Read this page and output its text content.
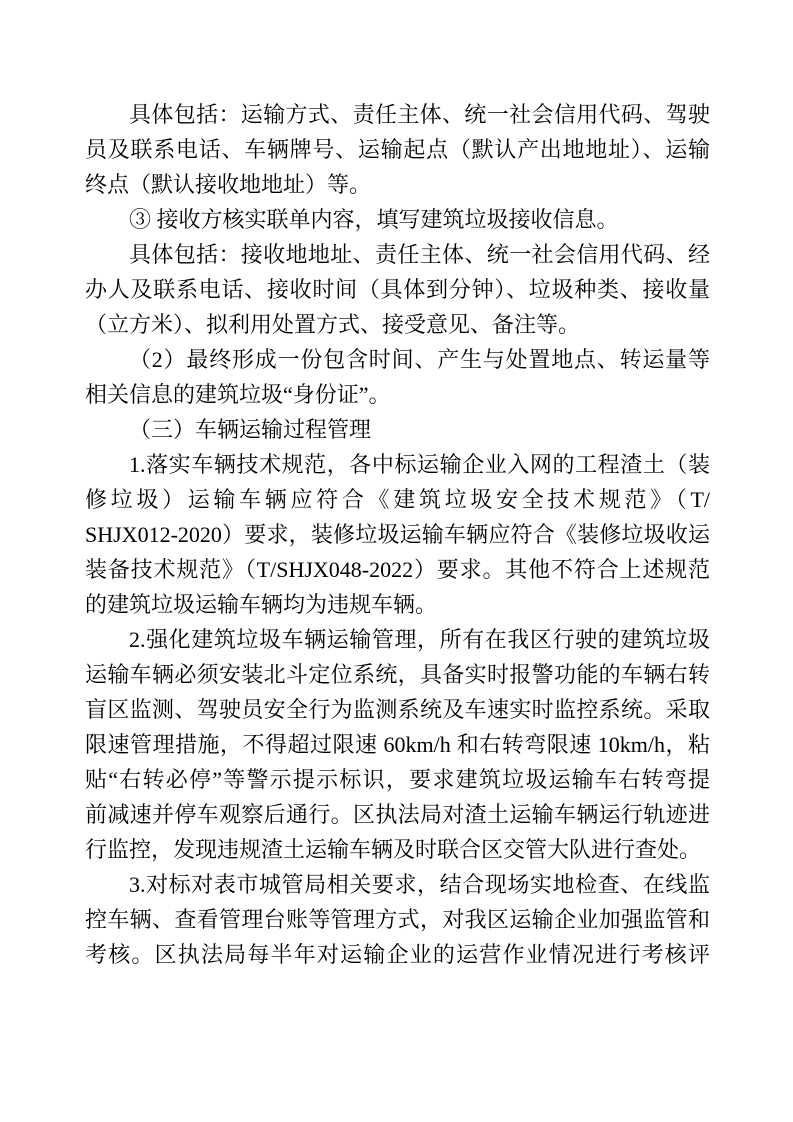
具体包括：运输方式、责任主体、统一社会信用代码、驾驶
员及联系电话、车辆牌号、运输起点（默认产出地地址）、运输
终点（默认接收地地址）等。
③ 接收方核实联单内容，填写建筑垃圾接收信息。
具体包括：接收地地址、责任主体、统一社会信用代码、经
办人及联系电话、接收时间（具体到分钟）、垃圾种类、接收量
（立方米）、拟利用处置方式、接受意见、备注等。
（2）最终形成一份包含时间、产生与处置地点、转运量等
相关信息的建筑垃圾“身份证”。
（三）车辆运输过程管理
1.落实车辆技术规范，各中标运输企业入网的工程渣土（装
修垃圾）运输车辆应符合《建筑垃圾安全技术规范》（T/
SHJX012-2020）要求，装修垃圾运输车辆应符合《装修垃圾收运
装备技术规范》（T/SHJX048-2022）要求。其他不符合上述规范
的建筑垃圾运输车辆均为违规车辆。
2.强化建筑垃圾车辆运输管理，所有在我区行驶的建筑垃圾
运输车辆必须安装北斗定位系统，具备实时报警功能的车辆右转
盲区监测、驾驶员安全行为监测系统及车速实时监控系统。采取
限速管理措施，不得超过限速 60km/h 和右转弯限速 10km/h，粘
贴“右转必停”等警示提示标识，要求建筑垃圾运输车右转弯提
前减速并停车观察后通行。区执法局对渣土运输车辆运行轨迹进
行监控，发现违规渣土运输车辆及时联合区交管大队进行查处。
3.对标对表市城管局相关要求，结合现场实地检查、在线监
控车辆、查看管理台账等管理方式，对我区运输企业加强监管和
考核。区执法局每半年对运输企业的运营作业情况进行考核评
